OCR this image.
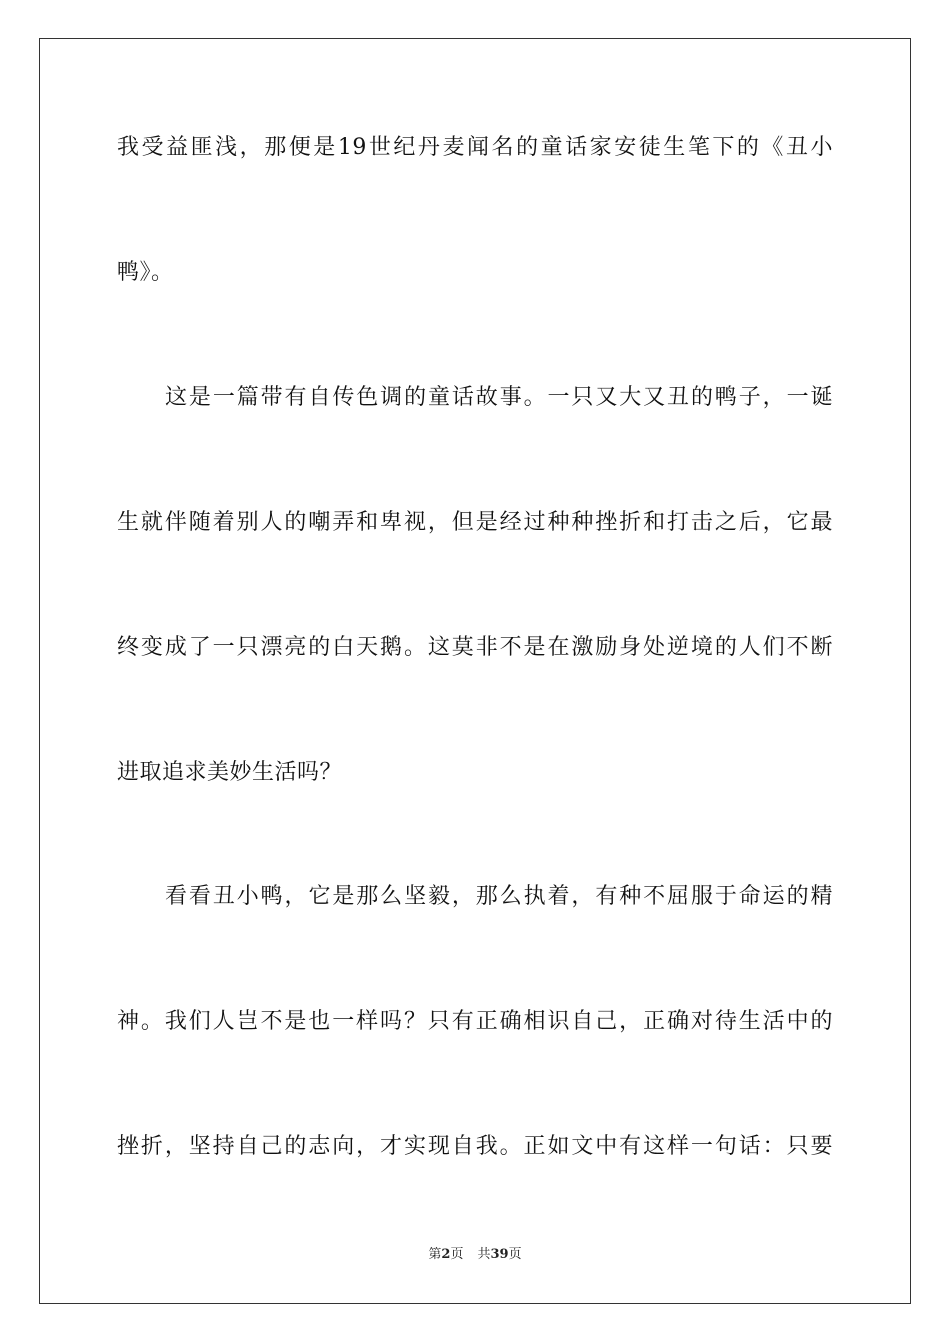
我受益匪浅，那便是19世纪丹麦闻名的童话家安徒生笔下的《丑小
鸭》。
这是一篇带有自传色调的童话故事。一只又大又丑的鸭子，一诞
生就伴随着别人的嘲弄和卑视，但是经过种种挫折和打击之后，它最
终变成了一只漂亮的白天鹅。这莫非不是在激励身处逆境的人们不断
进取追求美妙生活吗？
看看丑小鸭，它是那么坚毅，那么执着，有种不屈服于命运的精
神。我们人岂不是也一样吗？只有正确相识自己，正确对待生活中的
挫折，坚持自己的志向，才实现自我。正如文中有这样一句话：只要
第2页 共39页
